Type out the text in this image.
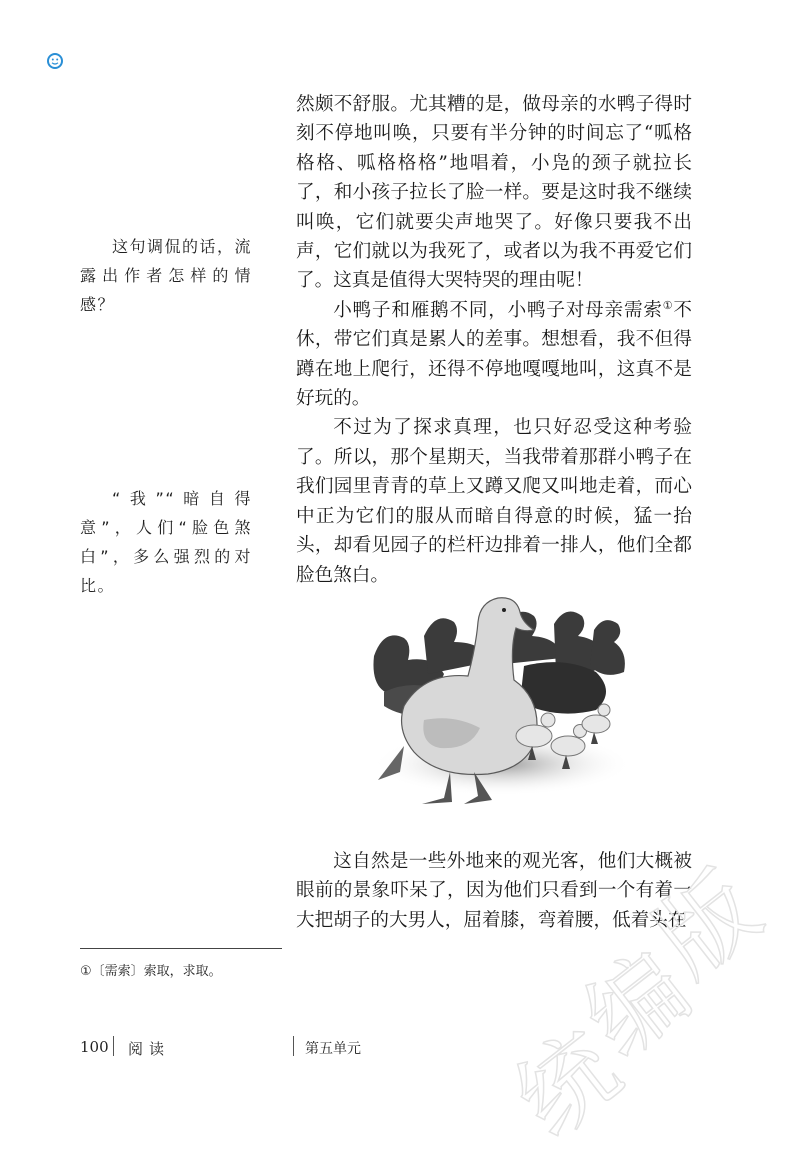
这句调侃的话，流露出作者怎样的情感？
“我”“暗自得意”，人们“脸色煞白”，多么强烈的对比。

然颇不舒服。尤其糟的是，做母亲的水鸭子得时刻不停地叫唤，只要有半分钟的时间忘了“呱格格格、呱格格格”地唱着，小凫的颈子就拉长了，和小孩子拉长了脸一样。要是这时我不继续叫唤，它们就要尖声地哭了。好像只要我不出声，它们就以为我死了，或者以为我不再爱它们了。这真是值得大哭特哭的理由呢！

小鸭子和雁鹅不同，小鸭子对母亲需索①不休，带它们真是累人的差事。想想看，我不但得蹲在地上爬行，还得不停地嘎嘎地叫，这真不是好玩的。

不过为了探求真理，也只好忍受这种考验了。所以，那个星期天，当我带着那群小鸭子在我们园里青青的草上又蹲又爬又叫地走着，而心中正为它们的服从而暗自得意的时候，猛一抬头，却看见园子的栏杆边排着一排人，他们全都脸色煞白。

这自然是一些外地来的观光客，他们大概被眼前的景象吓呆了，因为他们只看到一个有着一大把胡子的大男人，屈着膝，弯着腰，低着头在

①〔需索〕索取，求取。
100 阅读	第五单元
版
编
统
